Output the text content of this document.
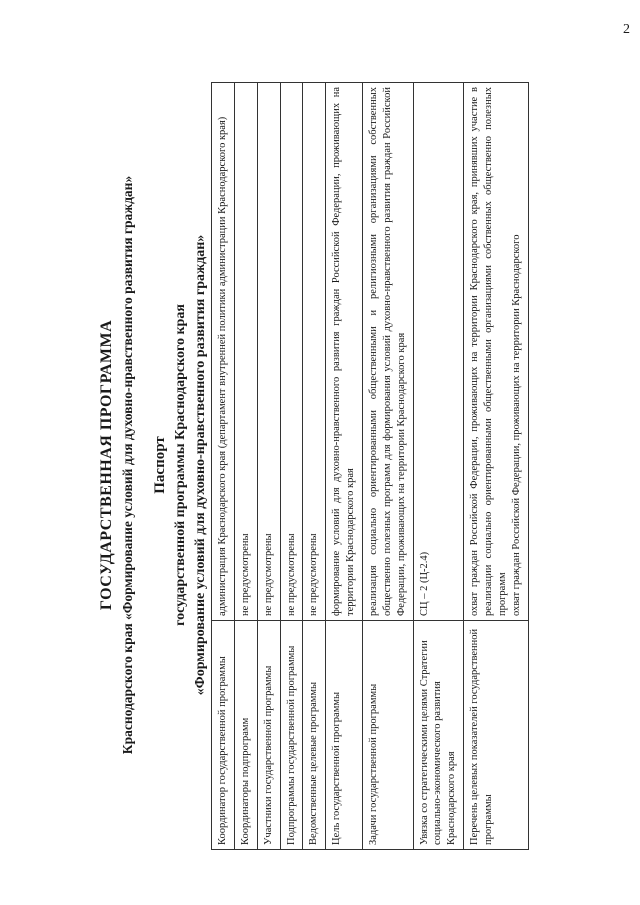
2
ГОСУДАРСТВЕННАЯ ПРОГРАММА Краснодарского края «Формирование условий для духовно-нравственного развития граждан» Паспорт государственной программы Краснодарского края «Формирование условий для духовно-нравственного развития граждан»
Координатор государственной программы	администрация Краснодарского края (департамент внутренней политики администрации Краснодарского края)
Координаторы подпрограмм	не предусмотрены
Участники государственной программы	не предусмотрены
Подпрограммы государственной программы	не предусмотрены
Ведомственные целевые программы	не предусмотрены
Цель государственной программы	формирование условий для духовно-нравственного развития граждан Российской Федерации, проживающих на территории Краснодарского края
Задачи государственной программы	реализация социально ориентированными общественными и религиозными организациями собственных общественно полезных программ для формирования условий духовно-нравственного развития граждан Российской Федерации, проживающих на территории Краснодарского края
Увязка со стратегическими целями Стратегии социально-экономического развития Краснодарского края	СЦ – 2 (Ц-2.4)
Перечень целевых показателей государственной программы	охват граждан Российской Федерации, проживающих на территории Краснодарского края, принявших участие в реализации социально ориентированными общественными организациями собственных общественно полезных программ охват граждан Российской Федерации, проживающих на территории Краснодарского
